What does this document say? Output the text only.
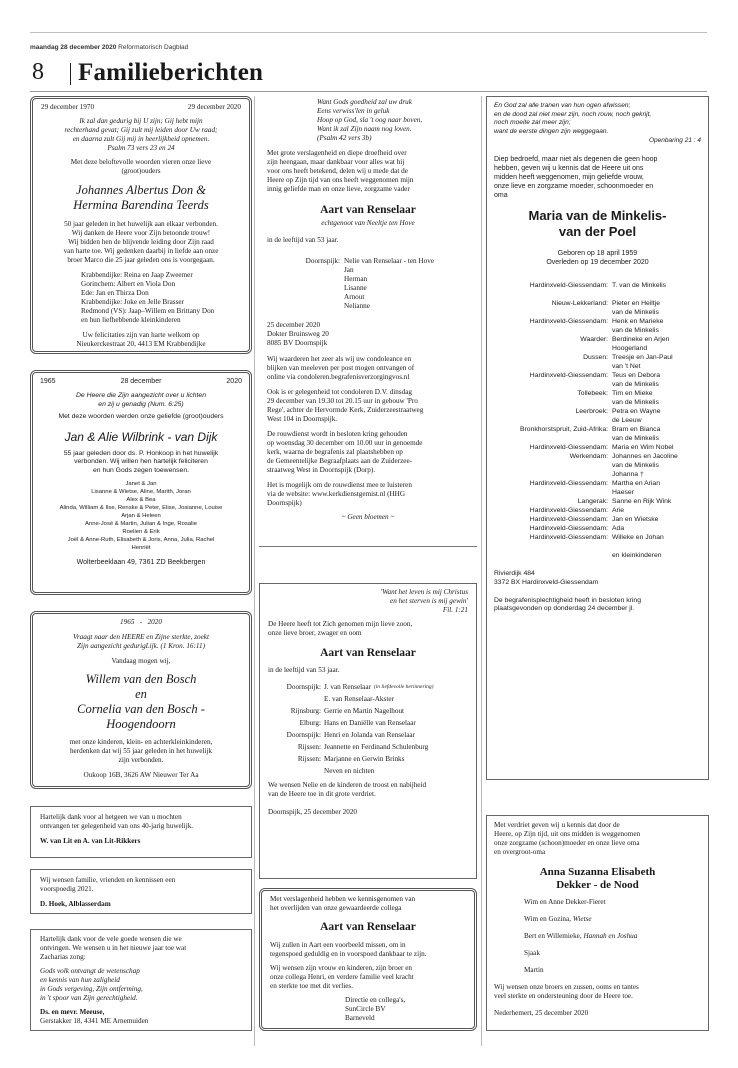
maandag 28 december 2020 Reformatorisch Dagblad
8 Familieberichten
29 december 1970	29 december 2020
Ik zal dan gedurig bij U zijn; Gij hebt mijn
rechterhand gevat; Gij zult mij leiden door Uw raad;
en daarna zult Gij mij in heerlijkheid opnemen.
Psalm 73 vers 23 en 24
Met deze beloftevolle woorden vieren onze lieve
(groot)ouders
Johannes Albertus Don &
Hermina Barendina Teerds
50 jaar geleden in het huwelijk aan elkaar verbonden.
Wij danken de Heere voor Zijn betoonde trouw!
Wij bidden hen de blijvende leiding door Zijn raad
van harte toe. Wij gedenken daarbij in liefde aan onze
broer Marco die 25 jaar geleden ons is voorgegaan.
Krabbendijke: Reina en Jaap Zweemer
Gorinchem: Albert en Viola Don
Ede: Jan en Thirza Don
Krabbendijke: Joke en Jelle Brasser
Redmond (VS): Jaap–Willem en Brittany Don
en hun liefhebbende kleinkinderen
Uw felicitaties zijn van harte welkom op
Nieukerckestraat 20, 4413 EM Krabbendijke
1965	28 december	2020
De Heere die Zijn aangezicht over u lichten
en zij u genadig (Num. 6:25)
Met deze woorden werden onze geliefde (groot)ouders
Jan & Alie Wilbrink - van Dijk
55 jaar geleden door ds. P. Honkoop in het huwelijk
verbonden. Wij willen hen hartelijk feliciteren
en hun Gods zegen toewensen.
Janet & Jan
Lisanne & Wietse, Aline, Marith, Joran
Alex & Bea
Alinda, William & Ilse, Renske & Peter, Elise, Josianne, Louise
Arjan & Heleen
Anne-José & Martin, Julian & Inge, Rosalie
Roelien & Erik
Joël & Anne-Ruth, Elisabeth & Joris, Anna, Julia, Rachel
Henriët
Wolterbeeklaan 49, 7361 ZD Beekbergen
1965   -   2020
Vraagt naar den HEERE en Zijne sterkte, zoekt
Zijn aangezicht gedurigLijk. (1 Kron. 16:11)
Vandaag mogen wij,
Willem van den Bosch
en
Cornelia van den Bosch -
Hoogendoorn
met onze kinderen, klein- en achterkleinkinderen,
herdenken dat wij 55 jaar geleden in het huwelijk
zijn verbonden.
Oukoop 16B, 3626 AW Nieuwer Ter Aa
Hartelijk dank voor al hetgeen we van u mochten
ontvangen ter gelegenheid van ons 40-jarig huwelijk.
W. van Lit en A. van Lit-Rikkers
Wij wensen familie, vrienden en kennissen een
voorspoedig 2021.
D. Hoek, Alblasserdam
Hartelijk dank voor de vele goede wensen die we
ontvingen. We wensen u in het nieuwe jaar toe wat
Zacharias zong:
Gods volk ontvangt de wetenschap
en kennis van hun zaligheid
in Gods vergeving, Zijn ontferming,
in 't spoor van Zijn gerechtigheid.
Ds. en mevr. Meeuse,
Gerstakker 18, 4341 ME Arnemuiden
Want Gods goedheid zal uw druk
Eens verwiss'len in geluk
Hoop op God, sla 't oog naar boven,
Want ik zal Zijn naam nog loven.
(Psalm 42 vers 3b)
Met grote verslagenheid en diepe droefheid over
zijn heengaan, maar dankbaar voor alles wat hij
voor ons heeft betekend, delen wij u mede dat de
Heere op Zijn tijd van ons heeft weggenomen mijn
innig geliefde man en onze lieve, zorgzame vader
Aart van Renselaar
echtgenoot van Neeltje ten Hove
in de leeftijd van 53 jaar.
Doornspijk: Nelie van Renselaar - ten Hove
Jan
Herman
Lisanne
Arnout
Nelianne
25 december 2020
Dokter Bruinsweg 20
8085 BV Doornspijk
Wij waarderen het zeer als wij uw condoleance en
blijken van meeleven per post mogen ontvangen of
online via condoleren.begrafenisverzorgingvos.nl
Ook is er gelegenheid tot condoleren D.V. dinsdag
29 december van 19.30 tot 20.15 uur in gebouw 'Pro
Rege', achter de Hervormde Kerk, Zuiderzeestraatweg
West 104 in Doornspijk.
De rouwdienst wordt in besloten kring gehouden
op woensdag 30 december om 10.00 uur in genoemde
kerk, waarna de begrafenis zal plaatshebben op
de Gemeentelijke Begraafplaats aan de Zuiderzee-
straatweg West in Doornspijk (Dorp).
Het is mogelijk om de rouwdienst mee te luisteren
via de website: www.kerkdienstgemist.nl (HHG
Doornspijk)
~ Geen bloemen ~
'Want het leven is mij Christus
en het sterven is mij gewin'
Fil. 1:21
De Heere heeft tot Zich genomen mijn lieve zoon,
onze lieve broer, zwager en oom
Aart van Renselaar
in de leeftijd van 53 jaar.
Doornspijk: J. van Renselaar (in liefdevolle herinnering)
E. van Renselaar-Akster
Rijnsburg: Gerrie en Martin Nagelhout
Elburg: Hans en Daniëlle van Renselaar
Doornspijk: Henri en Jolanda van Renselaar
Rijssen: Jeannette en Ferdinand Schulenburg
Rijssen: Marjanne en Gerwin Brinks
Neven en nichten
We wensen Nelie en de kinderen de troost en nabijheid
van de Heere toe in dit grote verdriet.
Doornspijk, 25 december 2020
Met verslagenheid hebben we kennisgenomen van
het overlijden van onze gewaardeerde collega
Aart van Renselaar
Wij zullen in Aart een voorbeeld missen, om in
tegenspoed geduldig en in voorspoed dankbaar te zijn.
Wij wensen zijn vrouw en kinderen, zijn broer en
onze collega Henri, en verdere familie veel kracht
en sterkte toe met dit verlies.
Directie en collega's,
SunCircle BV
Barneveld
En God zal alle tranen van hun ogen afwissen;
en de dood zal niet meer zijn, noch rouw, noch gekrijt,
noch moeite zal meer zijn;
want de eerste dingen zijn weggegaan.
Openbaring 21 : 4
Diep bedroefd, maar niet als degenen die geen hoop
hebben, geven wij u kennis dat de Heere uit ons
midden heeft weggenomen, mijn geliefde vrouw,
onze lieve en zorgzame moeder, schoonmoeder en
oma
Maria van de Minkelis-
van der Poel
Geboren op 18 april 1959
Overleden op 19 december 2020
Hardinxveld-Giessendam: T. van de Minkelis
Nieuw-Lekkerland: Pieter en Heiltje
van de Minkelis
Hardinxveld-Giessendam: Henk en Marieke
van de Minkelis
Waarder: Berdineke en Arjen
Hoogerland
Dussen: Treesje en Jan-Paul
van 't Net
Hardinxveld-Giessendam: Teus en Debora
van de Minkelis
Tollebeek: Tim en Mieke
van de Minkelis
Leerbroek: Petra en Wayne
de Leeuw
Bronkhorstspruit, Zuid-Afrika: Bram en Bianca
van de Minkelis
Hardinxveld-Giessendam: Maria en Wim Nobel
Werkendam: Johannes en Jacoline
van de Minkelis
Johanna †
Hardinxveld-Giessendam: Martha en Arian
Haeser
Langerak: Sanne en Rijk Wink
Hardinxveld-Giessendam: Arie
Hardinxveld-Giessendam: Jan en Wietske
Hardinxveld-Giessendam: Ada
Hardinxveld-Giessendam: Willeke en Johan
en kleinkinderen
Rivierdijk 484
3372 BX Hardinxveld-Giessendam
De begrafenisplechtigheid heeft in besloten kring
plaatsgevonden op donderdag 24 december jl.
Met verdriet geven wij u kennis dat door de
Heere, op Zijn tijd, uit ons midden is weggenomen
onze zorgzame (schoon)moeder en onze lieve oma
en overgroot-oma
Anna Suzanna Elisabeth
Dekker - de Nood
Wim en Anne Dekker-Fieret
Wim en Gozina, Wietse
Bert en Willemieke, Hannah en Joshua
Sjaak
Martin
Wij wensen onze broers en zussen, ooms en tantes
veel sterkte en ondersteuning door de Heere toe.
Nederhemert, 25 december 2020
